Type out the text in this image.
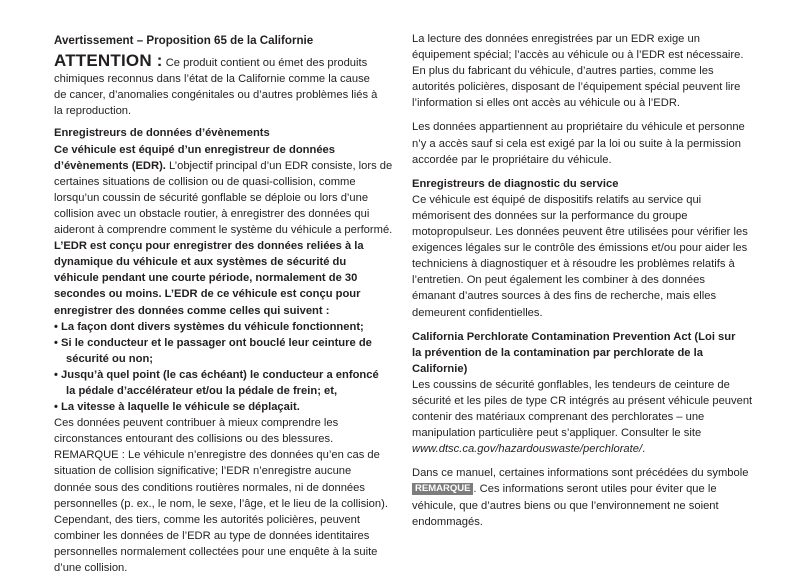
Avertissement – Proposition 65 de la Californie
ATTENTION : Ce produit contient ou émet des produits
chimiques reconnus dans l’état de la Californie comme la cause
de cancer, d’anomalies congénitales ou d’autres problèmes liés à
la reproduction.
Enregistreurs de données d’évènements
Ce véhicule est équipé d’un enregistreur de données
d’évènements (EDR). L’objectif principal d’un EDR consiste, lors de
certaines situations de collision ou de quasi-collision, comme
lorsqu’un coussin de sécurité gonflable se déploie ou lors d’une
collision avec un obstacle routier, à enregistrer des données qui
aideront à comprendre comment le système du véhicule a performé.
L’EDR est conçu pour enregistrer des données reliées à la
dynamique du véhicule et aux systèmes de sécurité du
véhicule pendant une courte période, normalement de 30
secondes ou moins. L’EDR de ce véhicule est conçu pour
enregistrer des données comme celles qui suivent :
• La façon dont divers systèmes du véhicule fonctionnent;
• Si le conducteur et le passager ont bouclé leur ceinture de
sécurité ou non;
• Jusqu’à quel point (le cas échéant) le conducteur a enfoncé
la pédale d’accélérateur et/ou la pédale de frein; et,
• La vitesse à laquelle le véhicule se déplaçait.
Ces données peuvent contribuer à mieux comprendre les
circonstances entourant des collisions ou des blessures.
REMARQUE : Le véhicule n’enregistre des données qu’en cas de
situation de collision significative; l’EDR n’enregistre aucune
donnée sous des conditions routières normales, ni de données
personnelles (p. ex., le nom, le sexe, l’âge, et le lieu de la collision).
Cependant, des tiers, comme les autorités policières, peuvent
combiner les données de l’EDR au type de données identitaires
personnelles normalement collectées pour une enquête à la suite
d’une collision.
La lecture des données enregistrées par un EDR exige un
équipement spécial; l’accès au véhicule ou à l’EDR est nécessaire.
En plus du fabricant du véhicule, d’autres parties, comme les
autorités policières, disposant de l’équipement spécial peuvent lire
l’information si elles ont accès au véhicule ou à l’EDR.
Les données appartiennent au propriétaire du véhicule et personne
n’y a accès sauf si cela est exigé par la loi ou suite à la permission
accordée par le propriétaire du véhicule.
Enregistreurs de diagnostic du service
Ce véhicule est équipé de dispositifs relatifs au service qui
mémorisent des données sur la performance du groupe
motopropulseur. Les données peuvent être utilisées pour vérifier les
exigences légales sur le contrôle des émissions et/ou pour aider les
techniciens à diagnostiquer et à résoudre les problèmes relatifs à
l’entretien. On peut également les combiner à des données
émanant d’autres sources à des fins de recherche, mais elles
demeurent confidentielles.
California Perchlorate Contamination Prevention Act (Loi sur
la prévention de la contamination par perchlorate de la
Californie)
Les coussins de sécurité gonflables, les tendeurs de ceinture de
sécurité et les piles de type CR intégrés au présent véhicule peuvent
contenir des matériaux comprenant des perchlorates – une
manipulation particulière peut s’appliquer. Consulter le site
www.dtsc.ca.gov/hazardouswaste/perchlorate/.
Dans ce manuel, certaines informations sont précédées du symbole
REMARQUE . Ces informations seront utiles pour éviter que le
véhicule, que d’autres biens ou que l’environnement ne soient
endommagés.
